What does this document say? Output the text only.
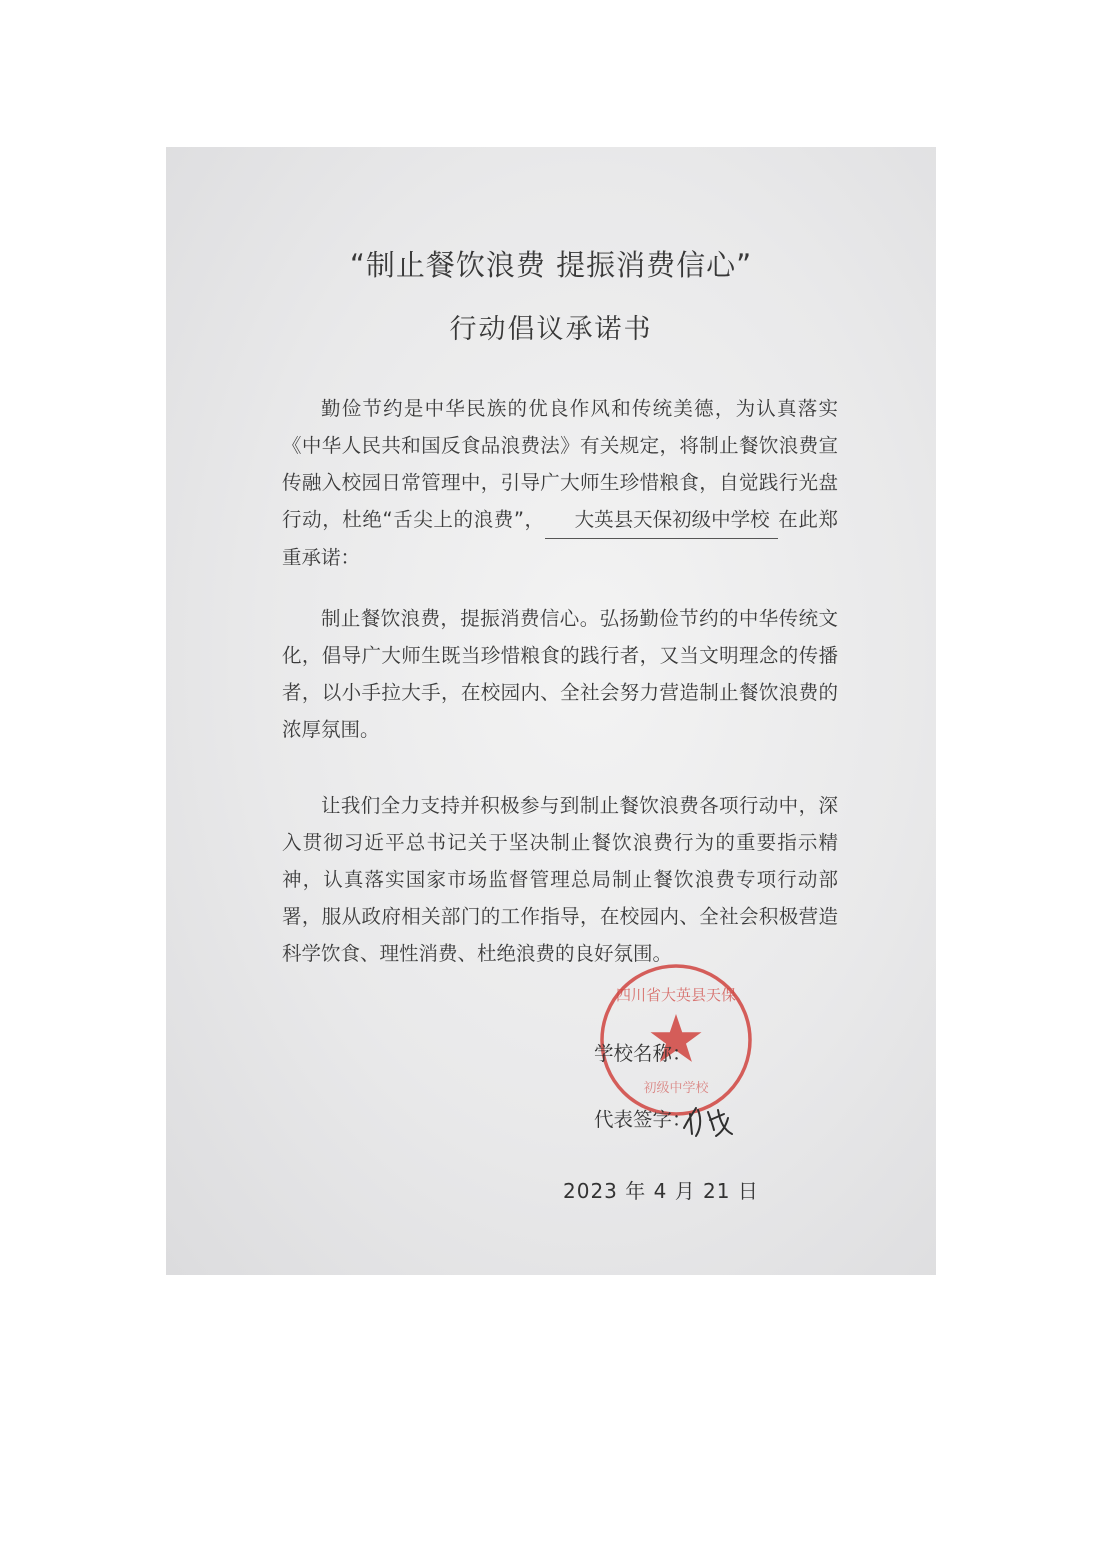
“制止餐饮浪费 提振消费信心”
行动倡议承诺书

勤俭节约是中华民族的优良作风和传统美德，为认真落实《中华人民共和国反食品浪费法》有关规定，将制止餐饮浪费宣传融入校园日常管理中，引导广大师生珍惜粮食，自觉践行光盘行动，杜绝“舌尖上的浪费”， 大英县天保初级中学校 在此郑重承诺：

制止餐饮浪费，提振消费信心。弘扬勤俭节约的中华传统文化，倡导广大师生既当珍惜粮食的践行者，又当文明理念的传播者，以小手拉大手，在校园内、全社会努力营造制止餐饮浪费的浓厚氛围。

让我们全力支持并积极参与到制止餐饮浪费各项行动中，深入贯彻习近平总书记关于坚决制止餐饮浪费行为的重要指示精神，认真落实国家市场监督管理总局制止餐饮浪费专项行动部署，服从政府相关部门的工作指导，在校园内、全社会积极营造科学饮食、理性消费、杜绝浪费的良好氛围。

四川省大英县天保
初级中学校
学校名称：
代表签字：
2023 年 4 月 21 日
